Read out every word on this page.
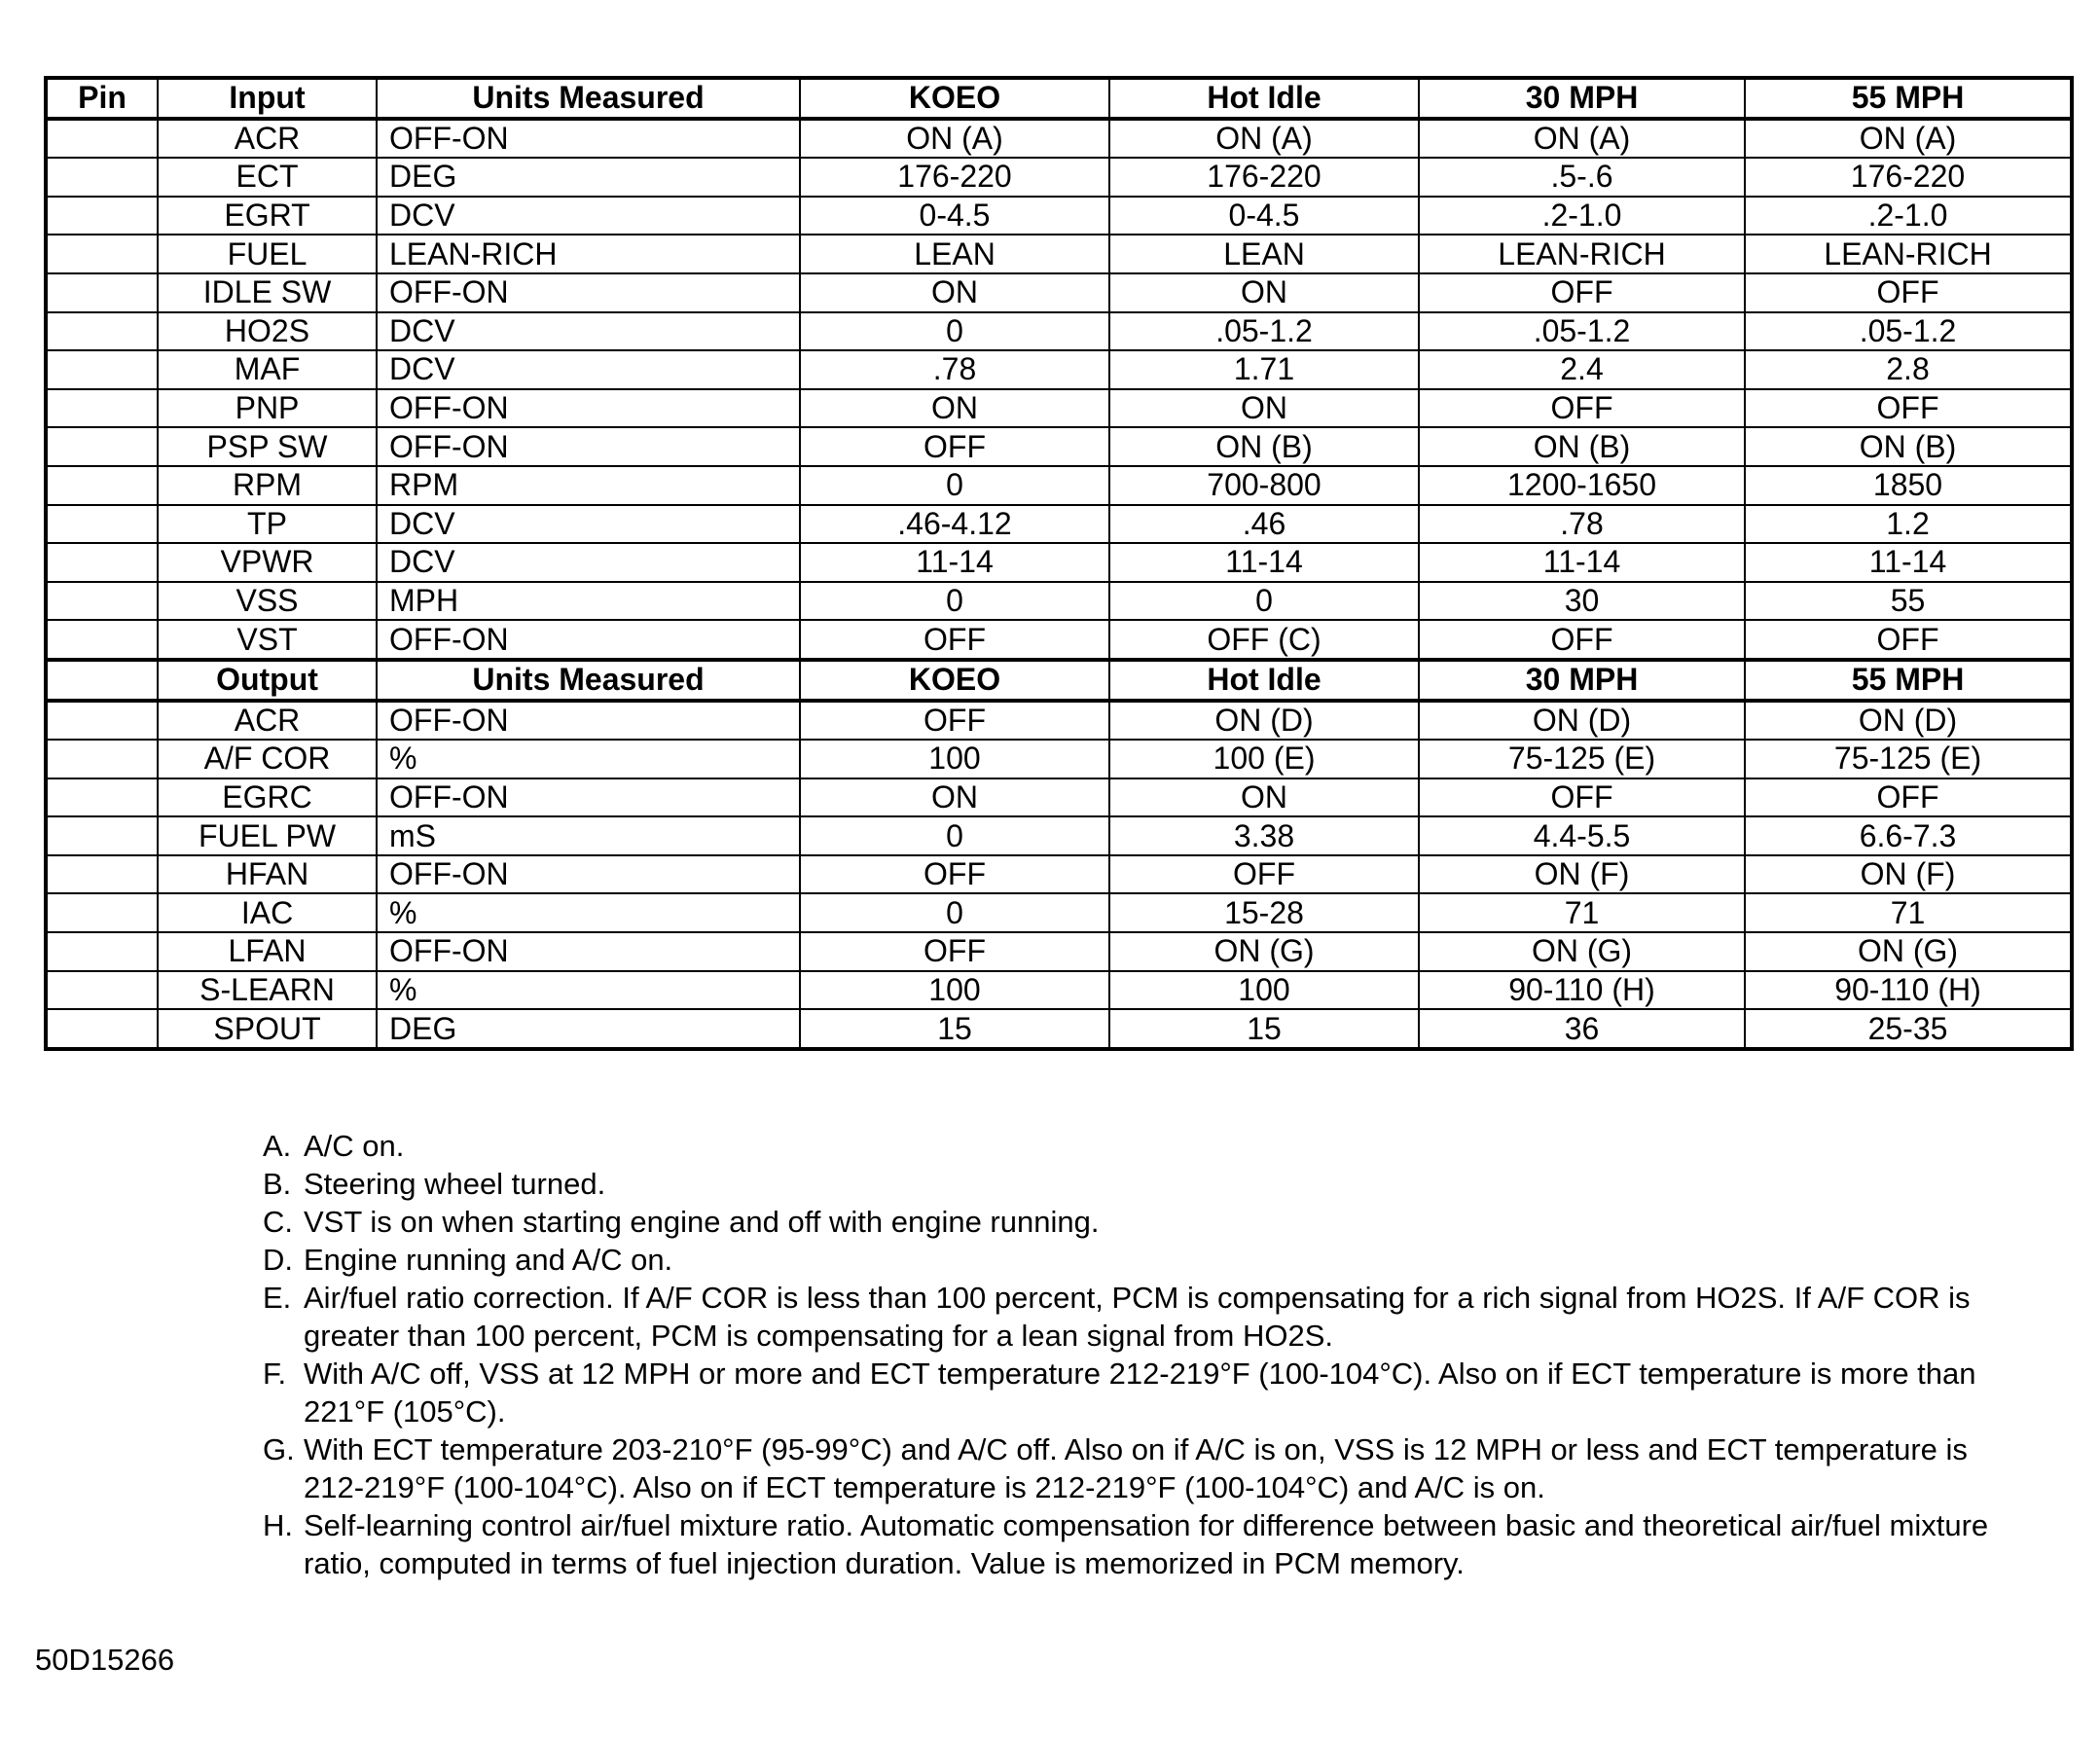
Pin	Input	Units Measured	KOEO	Hot Idle	30 MPH	55 MPH
	ACR	OFF-ON	ON (A)	ON (A)	ON (A)	ON (A)
	ECT	DEG	176-220	176-220	.5-.6	176-220
	EGRT	DCV	0-4.5	0-4.5	.2-1.0	.2-1.0
	FUEL	LEAN-RICH	LEAN	LEAN	LEAN-RICH	LEAN-RICH
	IDLE SW	OFF-ON	ON	ON	OFF	OFF
	HO2S	DCV	0	.05-1.2	.05-1.2	.05-1.2
	MAF	DCV	.78	1.71	2.4	2.8
	PNP	OFF-ON	ON	ON	OFF	OFF
	PSP SW	OFF-ON	OFF	ON (B)	ON (B)	ON (B)
	RPM	RPM	0	700-800	1200-1650	1850
	TP	DCV	.46-4.12	.46	.78	1.2
	VPWR	DCV	11-14	11-14	11-14	11-14
	VSS	MPH	0	0	30	55
	VST	OFF-ON	OFF	OFF (C)	OFF	OFF
	Output	Units Measured	KOEO	Hot Idle	30 MPH	55 MPH
	ACR	OFF-ON	OFF	ON (D)	ON (D)	ON (D)
	A/F COR	%	100	100 (E)	75-125 (E)	75-125 (E)
	EGRC	OFF-ON	ON	ON	OFF	OFF
	FUEL PW	mS	0	3.38	4.4-5.5	6.6-7.3
	HFAN	OFF-ON	OFF	OFF	ON (F)	ON (F)
	IAC	%	0	15-28	71	71
	LFAN	OFF-ON	OFF	ON (G)	ON (G)	ON (G)
	S-LEARN	%	100	100	90-110 (H)	90-110 (H)
	SPOUT	DEG	15	15	36	25-35
A. A/C on.
B. Steering wheel turned.
C. VST is on when starting engine and off with engine running.
D. Engine running and A/C on.
E. Air/fuel ratio correction. If A/F COR is less than 100 percent, PCM is compensating for a rich signal from HO2S. If A/F COR is greater than 100 percent, PCM is compensating for a lean signal from HO2S.
F. With A/C off, VSS at 12 MPH or more and ECT temperature 212-219°F (100-104°C). Also on if ECT temperature is more than 221°F (105°C).
G. With ECT temperature 203-210°F (95-99°C) and A/C off. Also on if A/C is on, VSS is 12 MPH or less and ECT temperature is 212-219°F (100-104°C). Also on if ECT temperature is 212-219°F (100-104°C) and A/C is on.
H. Self-learning control air/fuel mixture ratio. Automatic compensation for difference between basic and theoretical air/fuel mixture ratio, computed in terms of fuel injection duration. Value is memorized in PCM memory.
50D15266
